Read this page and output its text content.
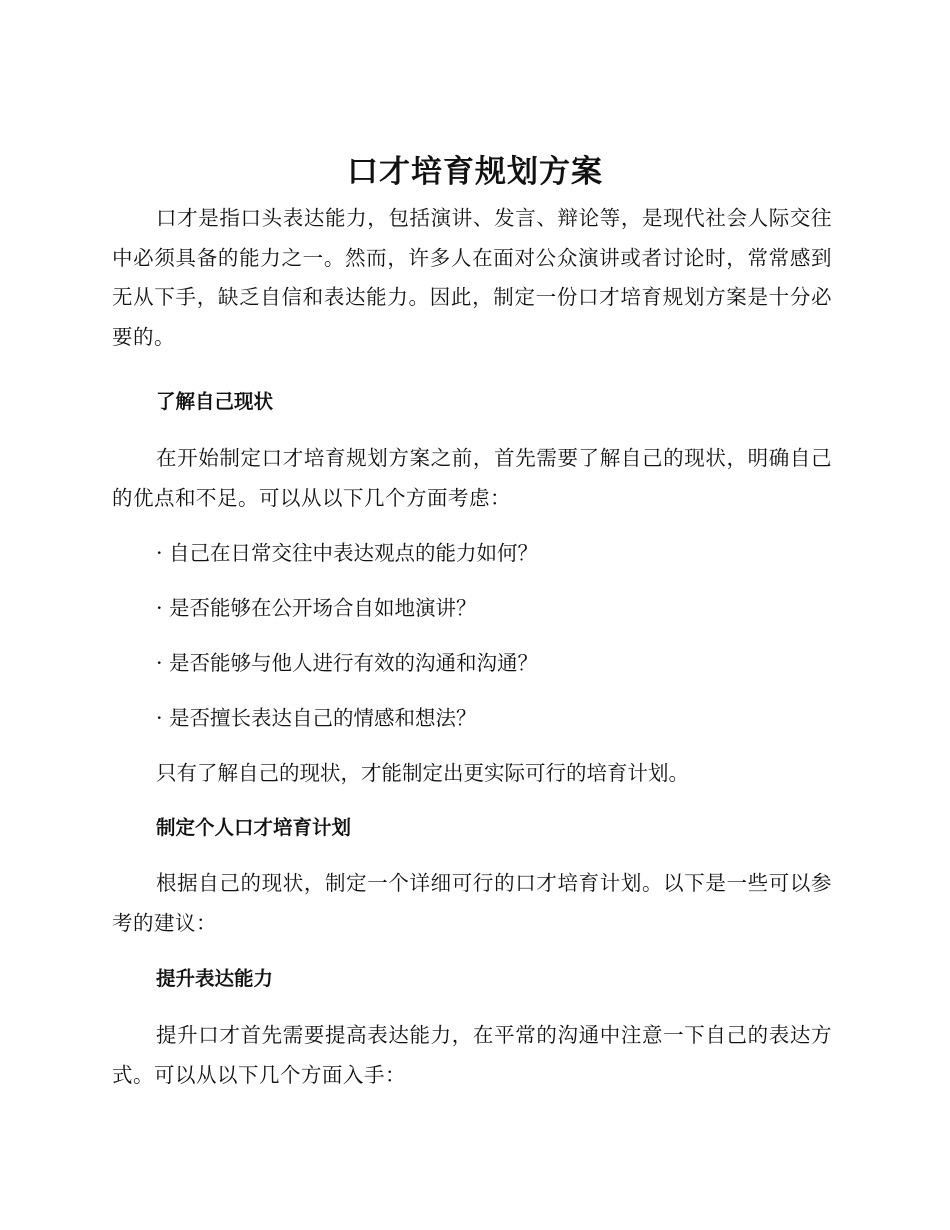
口才培育规划方案

口才是指口头表达能力，包括演讲、发言、辩论等，是现代社会人际交往中必须具备的能力之一。然而，许多人在面对公众演讲或者讨论时，常常感到无从下手，缺乏自信和表达能力。因此，制定一份口才培育规划方案是十分必要的。

了解自己现状

在开始制定口才培育规划方案之前，首先需要了解自己的现状，明确自己的优点和不足。可以从以下几个方面考虑：

· 自己在日常交往中表达观点的能力如何？

· 是否能够在公开场合自如地演讲？

· 是否能够与他人进行有效的沟通和沟通？

· 是否擅长表达自己的情感和想法？

只有了解自己的现状，才能制定出更实际可行的培育计划。

制定个人口才培育计划

根据自己的现状，制定一个详细可行的口才培育计划。以下是一些可以参考的建议：

提升表达能力

提升口才首先需要提高表达能力，在平常的沟通中注意一下自己的表达方式。可以从以下几个方面入手：
